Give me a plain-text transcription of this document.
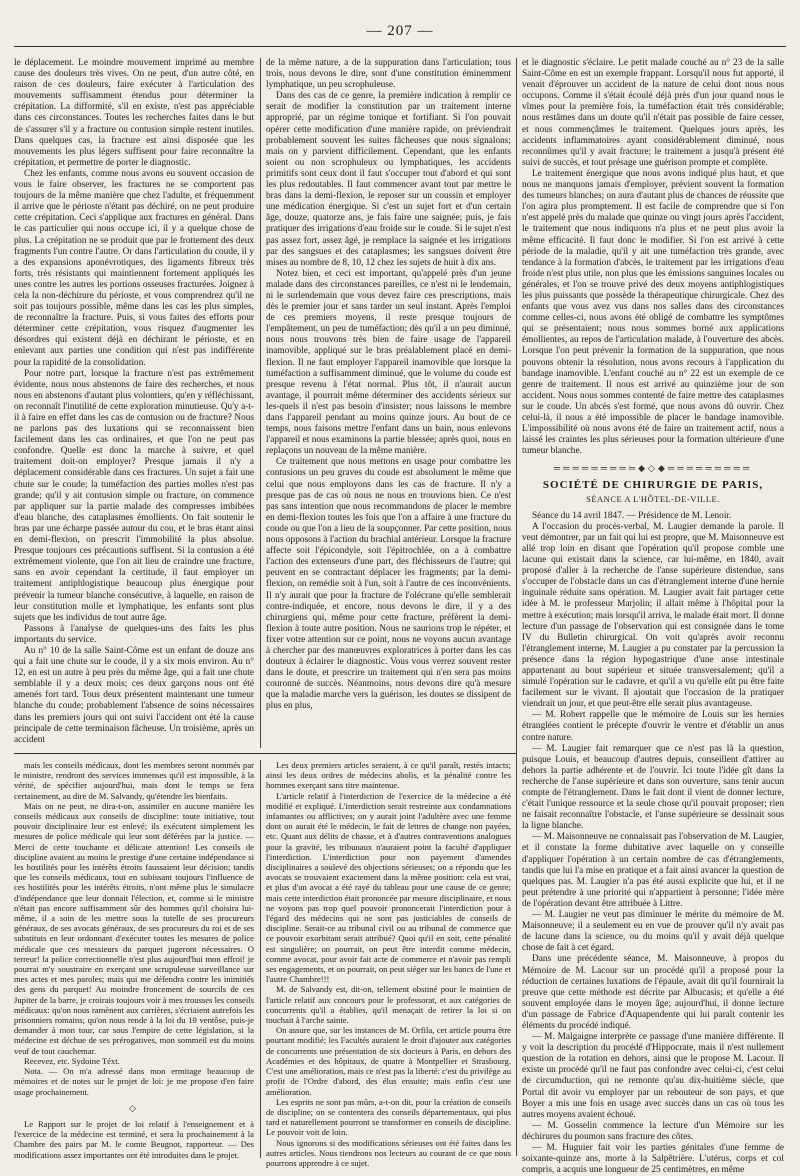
— 207 —

le déplacement. Le moindre mouvement imprimé au membre cause des douleurs très vives. On ne peut, d'un autre côté, en raison de ces douleurs, faire exécuter à l'articulation des mouvements suffisamment étendus pour déterminer la crépitation. La difformité, s'il en existe, n'est pas appréciable dans ces circonstances. Toutes les recherches faites dans le but de s'assurer s'il y a fracture ou contusion simple restent inutiles. Dans quelques cas, la fracture est ainsi disposée que les mouvements les plus légers suffisent pour faire reconnaître la crépitation, et permettre de porter le diagnostic.

Chez les enfants, comme nous avons eu souvent occasion de vous le faire observer, les fractures ne se comportent pas toujours de la même manière que chez l'adulte, et fréquemment il arrive que le périoste n'étant pas déchiré, on ne peut produire cette crépitation. Ceci s'applique aux fractures en général. Dans le cas particulier qui nous occupe ici, il y a quelque chose de plus. La crépitation ne se produit que par le frottement des deux fragments l'un contre l'autre. Or dans l'articulation du coude, il y a des expansions aponévrotiques, des ligaments fibreux très forts, très résistants qui maintiennent fortement appliqués les unes contre les autres les portions osseuses fracturées. Joignez à cela la non-déchirure du périoste, et vous comprendrez qu'il ne soit pas toujours possible, même dans les cas les plus simples, de reconnaître la fracture. Puis, si vous faites des efforts pour déterminer cette crépitation, vous risquez d'augmenter les désordres qui existent déjà en déchirant le périoste, et en enlevant aux parties une condition qui n'est pas indifférente pour la rapidité de la consolidation.

Pour notre part, lorsque la fracture n'est pas extrêmement évidente, nous nous abstenons de faire des recherches, et nous nous en abstenons d'autant plus volontiers, qu'en y réfléchissant, on reconnaît l'inutilité de cette exploration minutieuse. Qu'y a-t-il à faire en effet dans les cas de contusion ou de fracture? Nous ne parlons pas des luxations qui se reconnaissent bien facilement dans les cas ordinaires, et que l'on ne peut pas confondre. Quelle est donc la marche à suivre, et quel traitement doit-on employer? Presque jamais il n'y a déplacement considérable dans ces fractures. Un sujet a fait une chute sur le coude; la tuméfaction des parties molles n'est pas grande; qu'il y ait contusion simple ou fracture, on commence par appliquer sur la partie malade des compresses imbibées d'eau blanche, des cataplasmes émollients. On fait soutenir le bras par une écharpe passée autour du cou, et le bras étant ainsi en demi-flexion, on prescrit l'immobilité la plus absolue. Presque toujours ces précautions suffisent. Si la contusion a été extrêmement violente, que l'on ait lieu de craindre une fracture, sans en avoir cependant la certitude, il faut employer un traitement antiphlogistique beaucoup plus énergique pour prévenir la tumeur blanche consécutive, à laquelle, en raison de leur constitution molle et lymphatique, les enfants sont plus sujets que les individus de tout autre âge.

Passons à l'analyse de quelques-uns des faits les plus importants du service.

Au n° 10 de la salle Saint-Côme est un enfant de douze ans qui a fait une chute sur le coude, il y a six mois environ. Au n° 12, en est un autre à peu près du même âge, qui a fait une chute semblable il y a deux mois; ces deux garçons nous ont été amenés fort tard. Tous deux présentent maintenant une tumeur blanche du coude; probablement l'absence de soins nécessaires dans les premiers jours qui ont suivi l'accident ont été la cause principale de cette terminaison fâcheuse. Un troisième, après un accident

de la même nature, a de la suppuration dans l'articulation; tous trois, nous devons le dire, sont d'une constitution éminemment lymphatique, un peu scrophuleuse.

Dans des cas de ce genre, la première indication à remplir ce serait de modifier la constitution par un traitement interne approprié, par un régime tonique et fortifiant. Si l'on pouvait opérer cette modification d'une manière rapide, on préviendrait probablement souvent les suites fâcheuses que nous signalons; mais on y parvient difficilement. Cependant, que les enfants soient ou non scrophuleux ou lymphatiques, les accidents primitifs sont ceux dont il faut s'occuper tout d'abord et qui sont les plus redoutables. Il faut commencer avant tout par mettre le bras dans la demi-flexion, le reposer sur un coussin et employer une médication énergique. Si c'est un sujet fort et d'un certain âge, douze, quatorze ans, je fais faire une saignée; puis, je fais pratiquer des irrigations d'eau froide sur le coude. Si le sujet n'est pas assez fort, assez âgé, je remplace la saignée et les irrigations par des sangsues et des cataplasmes; les sangsues doivent être mises au nombre de 8, 10, 12 chez les sujets de huit à dix ans.

Notez bien, et ceci est important, qu'appelé près d'un jeune malade dans des circonstances pareilles, ce n'est ni le lendemain, ni le surlendemain que vous devez faire ces prescriptions, mais dès le premier jour et sans tarder un seul instant. Après l'emploi de ces premiers moyens, il reste presque toujours de l'empâtement, un peu de tuméfaction; dès qu'il a un peu diminué, nous nous trouvons très bien de faire usage de l'appareil inamovible, appliqué sur le bras préalablement placé en demi-flexion. Il ne faut employer l'appareil inamovible que lorsque la tuméfaction a suffisamment diminué, que le volume du coude est presque revenu à l'état normal. Plus tôt, il n'aurait aucun avantage, il pourrait même déterminer des accidents sérieux sur les-quels il n'est pas besoin d'insister; nous laissons le membre dans l'appareil pendant au moins quinze jours. Au bout de ce temps, nous faisons mettre l'enfant dans un bain, nous enlevons l'appareil et nous examinons la partie blessée; après quoi, nous en replaçons un nouveau de la même manière.

Ce traitement que nous mettons en usage pour combattre les contusions un peu graves du coude est absolument le même que celui que nous employons dans les cas de fracture. Il n'y a presque pas de cas où nous ne nous en trouvions bien. Ce n'est pas sans intention que nous recommandons de placer le membre en demi-flexion toutes les fois que l'on a affaire à une fracture du coude ou que l'on a lieu de la soupçonner. Par cette position, nous nous opposons à l'action du brachial antérieur. Lorsque la fracture affecte soit l'épicondyle, soit l'épitrochlée, on a à combattre l'action des extenseurs d'une part, des fléchisseurs de l'autre; qui peuvent en se contractant déplacer les fragments; par la demi-flexion, on remédie soit à l'un, soit à l'autre de ces inconvénients. Il n'y aurait que pour la fracture de l'olécrane qu'elle semblerait contre-indiquée, et encore, nous devons le dire, il y a des chirurgiens qui, même pour cette fracture, préfèrent la demi-flexion à toute autre position. Nous ne saurions trop le répéter, et fixer votre attention sur ce point, nous ne voyons aucun avantage à chercher par des manœuvres exploratrices à porter dans les cas douteux à éclairer le diagnostic. Vous vous verrez souvent rester dans le doute, et prescrire un traitement qui n'en sera pas moins couronné de succès. Néanmoins, nous devons dire qu'à mesure que la maladie marche vers la guérison, les doutes se dissipent de plus en plus,

et le diagnostic s'éclaire. Le petit malade couché au n° 23 de la salle Saint-Côme en est un exemple frappant. Lorsqu'il nous fut apporté, il venait d'éprouver un accident de la nature de celui dont nous nous occupons. Comme il s'était écoulé déjà près d'un jour quand nous le vîmes pour la première fois, la tuméfaction était très considérable; nous restâmes dans un doute qu'il n'était pas possible de faire cesser, et nous commençâmes le traitement. Quelques jours après, les accidents inflammatoires ayant considérablement diminué, nous reconnûmes qu'il y avait fracture; le traitement a jusqu'à présent été suivi de succès, et tout présage une guérison prompte et complète.

Le traitement énergique que nous avons indiqué plus haut, et que nous ne manquons jamais d'employer, prévient souvent la formation des tumeurs blanches; on aura d'autant plus de chances de réussite que l'on agira plus promptement. Il est facile de comprendre que si l'on n'est appelé près du malade que quinze ou vingt jours après l'accident, le traitement que nous indiquons n'a plus et ne peut plus avoir la même efficacité. Il faut donc le modifier. Si l'on est arrivé à cette période de la maladie, qu'il y ait une tuméfaction très grande, avec tendance à la formation d'abcès, le traitement par les irrigations d'eau froide n'est plus utile, non plus que les émissions sanguines locales ou générales, et l'on se trouve privé des deux moyens antiphlogistiques les plus puissants que possède la thérapeutique chirurgicale. Chez des enfants que vous avez vus dans nos salles dans des circonstances comme celles-ci, nous avons été obligé de combattre les symptômes qui se présentaient; nous nous sommes borné aux applications émollientes, au repos de l'articulation malade, à l'ouverture des abcès. Lorsque l'on peut prévenir la formation de la suppuration, que nous pouvons obtenir la résolution, nous avons recours à l'application du bandage inamovible. L'enfant couché au n° 22 est un exemple de ce genre de traitement. Il nous est arrivé au quinzième jour de son accident. Nous nous sommes contenté de faire mettre des cataplasmes sur le coude. Un abcès s'est formé, que nous avons dû ouvrir. Chez celui-là, il nous a été impossible de placer le bandage inamovible. L'impossibilité où nous avons été de faire un traitement actif, nous a laissé les craintes les plus sérieuses pour la formation ultérieure d'une tumeur blanche.

═════════◆◇◆═════════
SOCIÉTÉ DE CHIRURGIE DE PARIS,
SÉANCE A L'HÔTEL-DE-VILLE.

Séance du 14 avril 1847. — Présidence de M. Lenoir.

A l'occasion du procès-verbal, M. Laugier demande la parole. Il veut démontrer, par un fait qui lui est propre, que M. Maisonneuve est allé trop loin en disant que l'opération qu'il propose comble une lacune qui existait dans la science, car lui-même, en 1840, avait proposé d'aller à la recherche de l'anse supérieure distendue, sans s'occuper de l'obstacle dans un cas d'étranglement interne d'une hernie inguinale réduite sans opération. M. Laugier avait fait partager cette idée à M. le professeur Marjolin; il allait même à l'hôpital pour la mettre à exécution; mais lorsqu'il arriva, le malade était mort. Il donne lecture d'un passage de l'observation qui est consignée dans le tome IV du Bulletin chirurgical. On voit qu'après avoir reconnu l'étranglement interne, M. Laugier a pu constater par la percussion la présence dans la région hypogastrique d'une anse intestinale appartenant au bout supérieur et située transversalement; qu'il a simulé l'opération sur le cadavre, et qu'il a vu qu'elle eût pu être faite facilement sur le vivant. Il ajoutait que l'occasion de la pratiquer viendrait un jour, et que peut-être elle serait plus avantageuse.

— M. Robert rappelle que le mémoire de Louis sur les hernies étranglées contient le précepte d'ouvrir le ventre et d'établir un anus contre nature.

— M. Laugier fait remarquer que ce n'est pas là la question, puisque Louis, et beaucoup d'autres depuis, conseillent d'attirer au dehors la partie adhérente et de l'ouvrir. Ici toute l'idée gît dans la recherche de l'anse supérieure et dans son ouverture, sans tenir aucun compte de l'étranglement. Dans le fait dont il vient de donner lecture, c'était l'unique ressource et la seule chose qu'il pouvait proposer; rien ne faisait reconnaître l'obstacle, et l'anse supérieure se dessinait sous la ligne blanche.

— M. Maisonneuve ne connaissait pas l'observation de M. Laugier, et il constate la forme dubitative avec laquelle on y conseille d'appliquer l'opération à un certain nombre de cas d'étranglements, tandis que lui l'a mise en pratique et a fait ainsi avancer la question de quelques pas. M. Laugier n'a pas été aussi explicite que lui, et il ne peut prétendre à une priorité qui n'appartient à personne; l'idée mère de l'opération devant être attribuée à Littre.

— M. Laugier ne veut pas diminuer le mérite du mémoire de M. Maisonneuve; il a seulement eu en vue de prouver qu'il n'y avait pas de lacune dans la science, ou du moins qu'il y avait déjà quelque chose de fait à cet égard.

Dans une précédente séance, M. Maisonneuve, à propos du Mémoire de M. Lacour sur un procédé qu'il a proposé pour la réduction de certaines luxations de l'épaule, avait dit qu'il fournirait la preuve que cette méthode est décrite par Albucasis; et qu'elle a été souvent employée dans le moyen âge; aujourd'hui, il donne lecture d'un passage de Fabrice d'Aquapendente qui lui paraît contenir les éléments du procédé indiqué.

— M. Malgaigne interprète ce passage d'une manière différente. Il y voit la description du procédé d'Hippocrate, mais il n'est nullement question de la rotation en dehors, ainsi que le propose M. Lacour. Il existe un procédé qu'il ne faut pas confondre avec celui-ci, c'est celui de circumduction, qui ne remonte qu'au dix-huitième siècle, que Portal dit avoir vu employer par un rebouteur de son pays, et que Boyer a mis une fois en usage avec succès dans un cas où tous les autres moyens avaient échoué.

— M. Gosselin commence la lecture d'un Mémoire sur les déchirures du poumon sans fracture des côtes.

— M. Huguier fait voir les parties génitales d'une femme de soixante-quinze ans, morte à la Salpêtrière. L'utérus, corps et col compris, a acquis une longueur de 25 centimètres, en même

mais les conseils médicaux, dont les membres seront nommés par le ministre, rendront des services immenses qu'il est impossible, à la vérité, de spécifier aujourd'hui, mais dont le temps se fera certainement, au dire de M. Salvandy, qu'étendre les bienfaits.

Mais on ne peut, ne dira-t-on, assimiler en aucune manière les conseils médicaux aux conseils de discipline: toute initiative, tout pouvoir disciplinaire leur est enlevé; ils exécutent simplement les mesures de police médicale qui leur sont déférées par la justice. — Merci de cette touchante et délicate attention! Les conseils de discipline avaient au moins le prestige d'une certaine indépendance si les hostilités pour les intérêts étroits faussaient leur décision; tandis que les conseils médicaux, tout en subissant toujours l'influence de ces hostilités pour les intérêts étroits, n'ont même plus le simulacre d'indépendance que leur donnait l'élection, et, comme si le ministre n'était pas encore suffisamment sûr des hommes qu'il choisira lui-même, il a soin de les mettre sous la tutelle de ses procureurs généraux, de ses avocats généraux, de ses procureurs du roi et de ses substituts en leur ordonnant d'exécuter toutes les mesures de police médicale que ces messieurs du parquet jugeront nécessaires. O terreur! la police correctionnelle n'est plus aujourd'hui mon effroi! je pourrai m'y soustraire en exerçant une scrupuleuse surveillance sur mes actes et mes paroles; mais qui me défendra contre les inimitiés des gens du parquet! Au moindre froncement de sourcils de ces Jupiter de la barre, je croirais toujours voir à mes trousses les conseils médicaux: qu'on nous ramènent aux carrières, s'écriaient autrefois les prisonniers romains; qu'on nous rende à la loi du 19 ventôse, puis-je demander à mon tour, car sous l'empire de cette législation, si la médecine est déchue de ses prérogatives, mon sommeil est du moins veuf de tout cauchemar.

Recevez, etc. Sydoine Téxt.

Nota. — On m'a adressé dans mon ermitage beaucoup de mémoires et de notes sur le projet de loi: je me propose d'en faire usage prochainement.

◇

Le Rapport sur le projet de loi relatif à l'enseignement et à l'exercice de la médecine est terminé, et sera lu prochainement à la Chambre des pairs par M. le comte Beugnot, rapporteur. — Des modifications assez importantes ont été introduites dans le projet.

Les deux premiers articles seraient, à ce qu'il paraît, restés intacts; ainsi les deux ordres de médecins abolis, et la pénalité contre les hommes exerçant sans titre maintenue.

L'article relatif à l'interdiction de l'exercice de la médecine a été modifié et expliqué. L'interdiction serait restreinte aux condamnations infamantes ou afflictives; on y aurait joint l'adultère avec une femme dont on aurait été le médecin, le fait de lettres de change non payées, etc. Quant aux délits de chasse, et à d'autres contraventions analogues pour la gravité, les tribunaux n'auraient point la faculté d'appliquer l'interdiction. L'interdiction pour non payement d'amendes disciplinaires a soulevé des objections sérieuses; on a répondu que les avocats se trouvaient exactement dans la même position: cela est vrai, et plus d'un avocat a été rayé du tableau pour une cause de ce genre; mais cette interdiction était prononcée par mesure disciplinaire, et nous ne voyons pas trop quel pouvoir prononcerait l'interdiction pour à l'égard des médecins qui ne sont pas justiciables de conseils de discipline. Serait-ce au tribunal civil ou au tribunal de commerce que ce pouvoir exorbitant serait attribué? Quoi qu'il en soit, cette pénalité est singulière; on pourrait, on peut être interdit comme médecin, comme avocat, pour avoir fait acte de commerce et n'avoir pas rempli ses engagements, et on pourrait, on peut siéger sur les bancs de l'une et l'autre Chambre!!!

M. de Salvandy est, dit-on, tellement obstiné pour le maintien de l'article relatif aux concours pour le professorat, et aux catégories de concurrents qu'il a établies, qu'il menaçait de retirer la loi si on touchait à l'arche sainte.

On assure que, sur les instances de M. Orfila, cet article pourra être pourtant modifié; les Facultés auraient le droit d'ajouter aux catégories de concurrents une présentation de six docteurs à Paris, en dehors des Académies et des hôpitaux, de quatre à Montpellier et Strasbourg. C'est une amélioration, mais ce n'est pas la liberté: c'est du privilège au profit de l'Ordre d'abord, des élus ensuite; mais enfin c'est une amélioration.

Les esprits ne sont pas mûrs, a-t-on dit, pour la création de conseils de discipline; on se contentera des conseils départementaux, qui plus tard et naturellement pourront se transformer en conseils de discipline. Le pouvoir voit de loin.

Nous ignorons si des modifications sérieuses ont été faites dans les autres articles. Nous tiendrons nos lecteurs au courant de ce que nous pourrons apprendre à ce sujet.
